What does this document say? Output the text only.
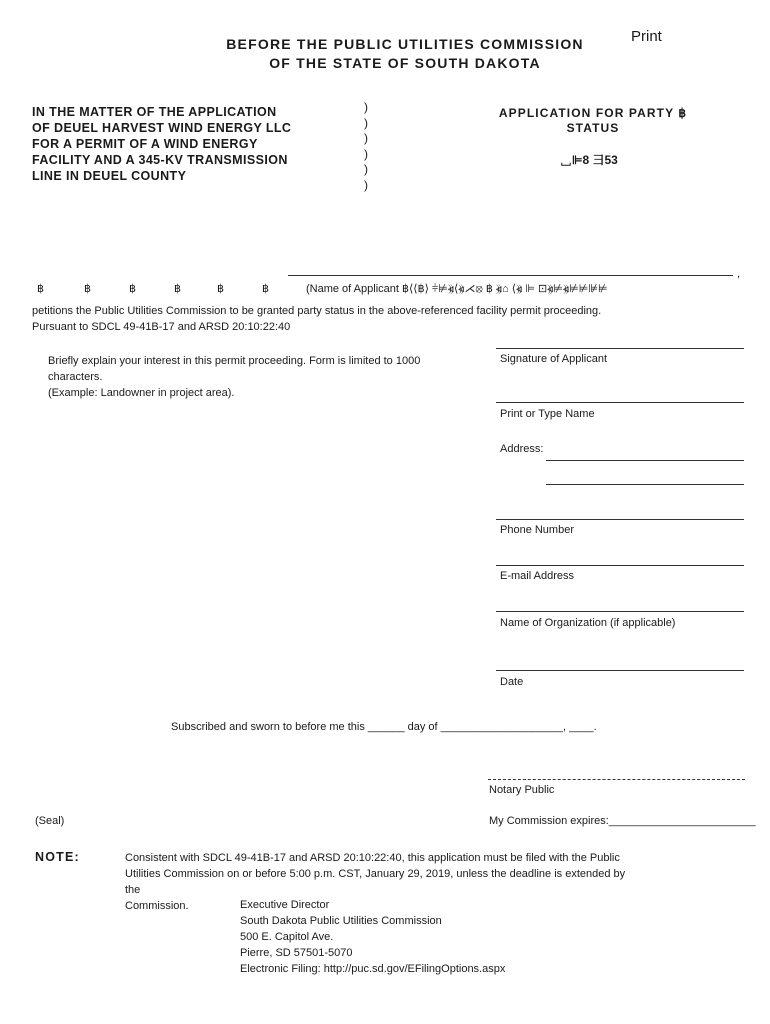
Print
BEFORE THE PUBLIC UTILITIES COMMISSION
OF THE STATE OF SOUTH DAKOTA
IN THE MATTER OF THE APPLICATION
OF DEUEL HARVEST WIND ENERGY LLC
FOR A PERMIT OF A WIND ENERGY
FACILITY AND A 345-KV TRANSMISSION
LINE IN DEUEL COUNTY
)
)
)
)
)
)
APPLICATION FOR PARTY ฿
STATUS
␣⊫8 ⺕53
,
฿	฿	฿	฿	฿	฿	(Name of Applicant ฿⟨⟨฿⟩ ⫩⊭⦖⟨⦖⋌⦻ ฿ ⦖⌂ ⟨⦖ ⊫ ⊡⦖⊭⦖⊭⊭⊯⊭
petitions the Public Utilities Commission to be granted party status in the above-referenced facility permit proceeding.
Pursuant to SDCL 49-41B-17 and ARSD 20:10:22:40
Briefly explain your interest in this permit proceeding. Form is limited to 1000 characters.
(Example: Landowner in project area).
Signature of Applicant
Print or Type Name
Address:
Phone Number
E-mail Address
Name of Organization (if applicable)
Date
Subscribed and sworn to before me this ______ day of ____________________, ____.
Notary Public
My Commission expires:________________________
(Seal)
NOTE:	Consistent with SDCL 49-41B-17 and ARSD 20:10:22:40, this application must be filed with the Public
Utilities Commission on or before 5:00 p.m. CST, January 29, 2019, unless the deadline is extended by the
Commission.	Executive Director
South Dakota Public Utilities Commission
500 E. Capitol Ave.
Pierre, SD 57501-5070
Electronic Filing: http://puc.sd.gov/EFilingOptions.aspx
